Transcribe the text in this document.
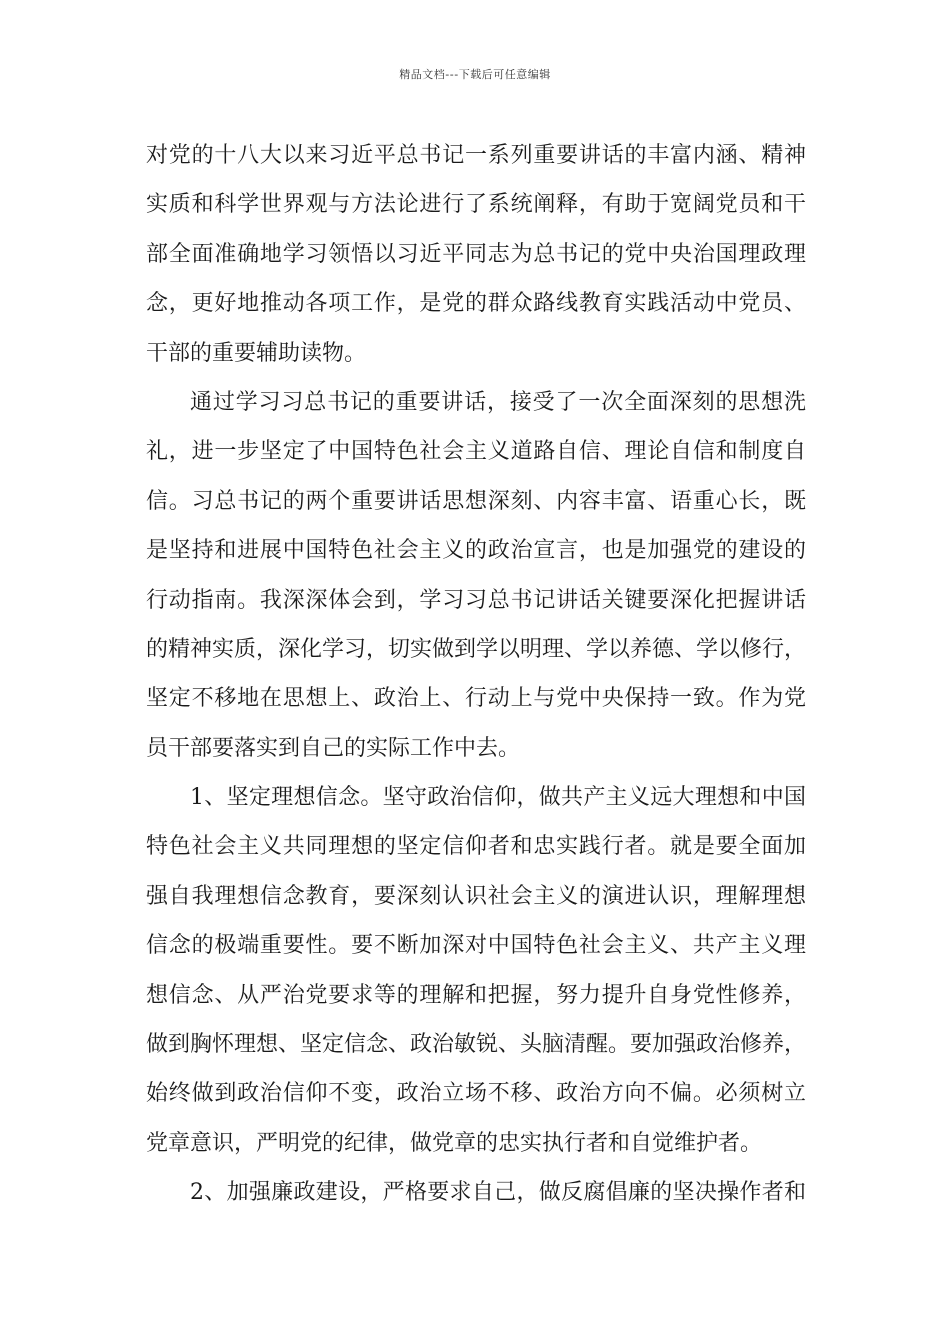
精品文档---下载后可任意编辑
对党的十八大以来习近平总书记一系列重要讲话的丰富内涵、精神
实质和科学世界观与方法论进行了系统阐释，有助于宽阔党员和干
部全面准确地学习领悟以习近平同志为总书记的党中央治国理政理
念，更好地推动各项工作，是党的群众路线教育实践活动中党员、
干部的重要辅助读物。
通过学习习总书记的重要讲话，接受了一次全面深刻的思想洗
礼，进一步坚定了中国特色社会主义道路自信、理论自信和制度自
信。习总书记的两个重要讲话思想深刻、内容丰富、语重心长，既
是坚持和进展中国特色社会主义的政治宣言，也是加强党的建设的
行动指南。我深深体会到，学习习总书记讲话关键要深化把握讲话
的精神实质，深化学习，切实做到学以明理、学以养德、学以修行，
坚定不移地在思想上、政治上、行动上与党中央保持一致。作为党
员干部要落实到自己的实际工作中去。
1、坚定理想信念。坚守政治信仰，做共产主义远大理想和中国
特色社会主义共同理想的坚定信仰者和忠实践行者。就是要全面加
强自我理想信念教育，要深刻认识社会主义的演进认识，理解理想
信念的极端重要性。要不断加深对中国特色社会主义、共产主义理
想信念、从严治党要求等的理解和把握，努力提升自身党性修养，
做到胸怀理想、坚定信念、政治敏锐、头脑清醒。要加强政治修养，
始终做到政治信仰不变，政治立场不移、政治方向不偏。必须树立
党章意识，严明党的纪律，做党章的忠实执行者和自觉维护者。
2、加强廉政建设，严格要求自己，做反腐倡廉的坚决操作者和
